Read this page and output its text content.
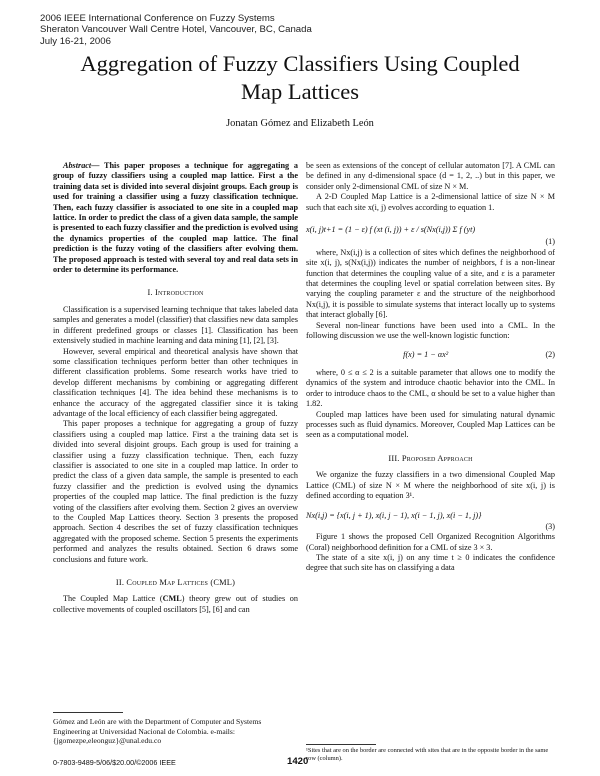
2006 IEEE International Conference on Fuzzy Systems
Sheraton Vancouver Wall Centre Hotel, Vancouver, BC, Canada
July 16-21, 2006
Aggregation of Fuzzy Classifiers Using Coupled
Map Lattices
Jonatan Gómez and Elizabeth León

Abstract— This paper proposes a technique for aggregating a group of fuzzy classifiers using a coupled map lattice. First a the training data set is divided into several disjoint groups. Each group is used for training a classifier using a fuzzy classification technique. Then, each fuzzy classifier is associated to one site in a coupled map lattice. In order to predict the class of a given data sample, the sample is presented to each fuzzy classifier and the prediction is evolved using the dynamics properties of the coupled map lattice. The final prediction is the fuzzy voting of the classifiers after evolving them. The proposed approach is tested with several toy and real data sets in order to determine its performance.

I. Introduction

Classification is a supervised learning technique that takes labeled data samples and generates a model (classifier) that classifies new data samples in different predefined groups or classes [1]. Classification has been extensively studied in machine learning and data mining [1], [2], [3].

However, several empirical and theoretical analysis have shown that some classification techniques perform better than other techniques in different classification problems. Some research works have tried to develop different mechanisms by combining or aggregating different classification techniques [4]. The idea behind these mechanisms is to enhance the accuracy of the aggregated classifier since it is taking advantage of the local efficiency of each classifier being aggregated.

This paper proposes a technique for aggregating a group of fuzzy classifiers using a coupled map lattice. First a the training data set is divided into several disjoint groups. Each group is used for training a classifier using a fuzzy classification technique. Then, each fuzzy classifier is associated to one site in a coupled map lattice. In order to predict the class of a given data sample, the sample is presented to each fuzzy classifier and the prediction is evolved using the dynamics properties of the coupled map lattice. The final prediction is the fuzzy voting of the classifiers after evolving them. Section 2 gives an overview to the Coupled Map Lattices theory. Section 3 presents the proposed approach. Section 4 describes the set of fuzzy classification techniques aggregated with the proposed scheme. Section 5 presents the experiments performed and analyzes the results obtained. Section 6 draws some conclusions and future work.

II. Coupled Map Lattices (CML)

The Coupled Map Lattice (CML) theory grew out of studies on collective movements of coupled oscillators [5], [6] and can

be seen as extensions of the concept of cellular automaton [7]. A CML can be defined in any d-dimensional space (d = 1, 2, ..) but in this paper, we consider only 2-dimensional CML of size N × M.

A 2-D Coupled Map Lattice is a 2-dimensional lattice of size N × M such that each site x(i, j) evolves according to equation 1.

x(i, j)t+1 = (1 − ε) f (xt (i, j)) + ε / s(Nx(i,j)) Σ f (yt)
(1)

where, Nx(i,j) is a collection of sites which defines the neighborhood of site x(i, j), s(Nx(i,j)) indicates the number of neighbors, f is a non-linear function that determines the coupling value of a site, and ε is a parameter that determines the coupling level or spatial correlation between sites. By varying the coupling parameter ε and the structure of the neighborhood Nx(i,j), it is possible to simulate systems that interact locally up to systems that interact globally [6].

Several non-linear functions have been used into a CML. In the following discussion we use the well-known logistic function:

f(x) = 1 − αx²	(2)

where, 0 ≤ α ≤ 2 is a suitable parameter that allows one to modify the dynamics of the system and introduce chaotic behavior into the CML. In order to introduce chaos to the CML, α should be set to a value higher than 1.82.

Coupled map lattices have been used for simulating natural dynamic processes such as fluid dynamics. Moreover, Coupled Map Lattices can be seen as a computational model.

III. Proposed Approach

We organize the fuzzy classifiers in a two dimensional Coupled Map Lattice (CML) of size N × M where the neighborhood of site x(i, j) is defined according to equation 3¹.

Nx(i,j) = {x(i, j + 1), x(i, j − 1), x(i − 1, j), x(i − 1, j)}
(3)

Figure 1 shows the proposed Cell Organized Recognition Algorithms (Coral) neighborhood definition for a CML of size 3 × 3.

The state of a site x(i, j) on any time t ≥ 0 indicates the confidence degree that such site has on classifying a data

Gómez and León are with the Department of Computer and Systems Engineering at Universidad Nacional de Colombia. e-mails: {jgomezpe,eleonguz}@unal.edu.co
¹Sites that are on the border are connected with sites that are in the opposite border in the same row (column).
0-7803-9489-5/06/$20.00/©2006 IEEE	1420
